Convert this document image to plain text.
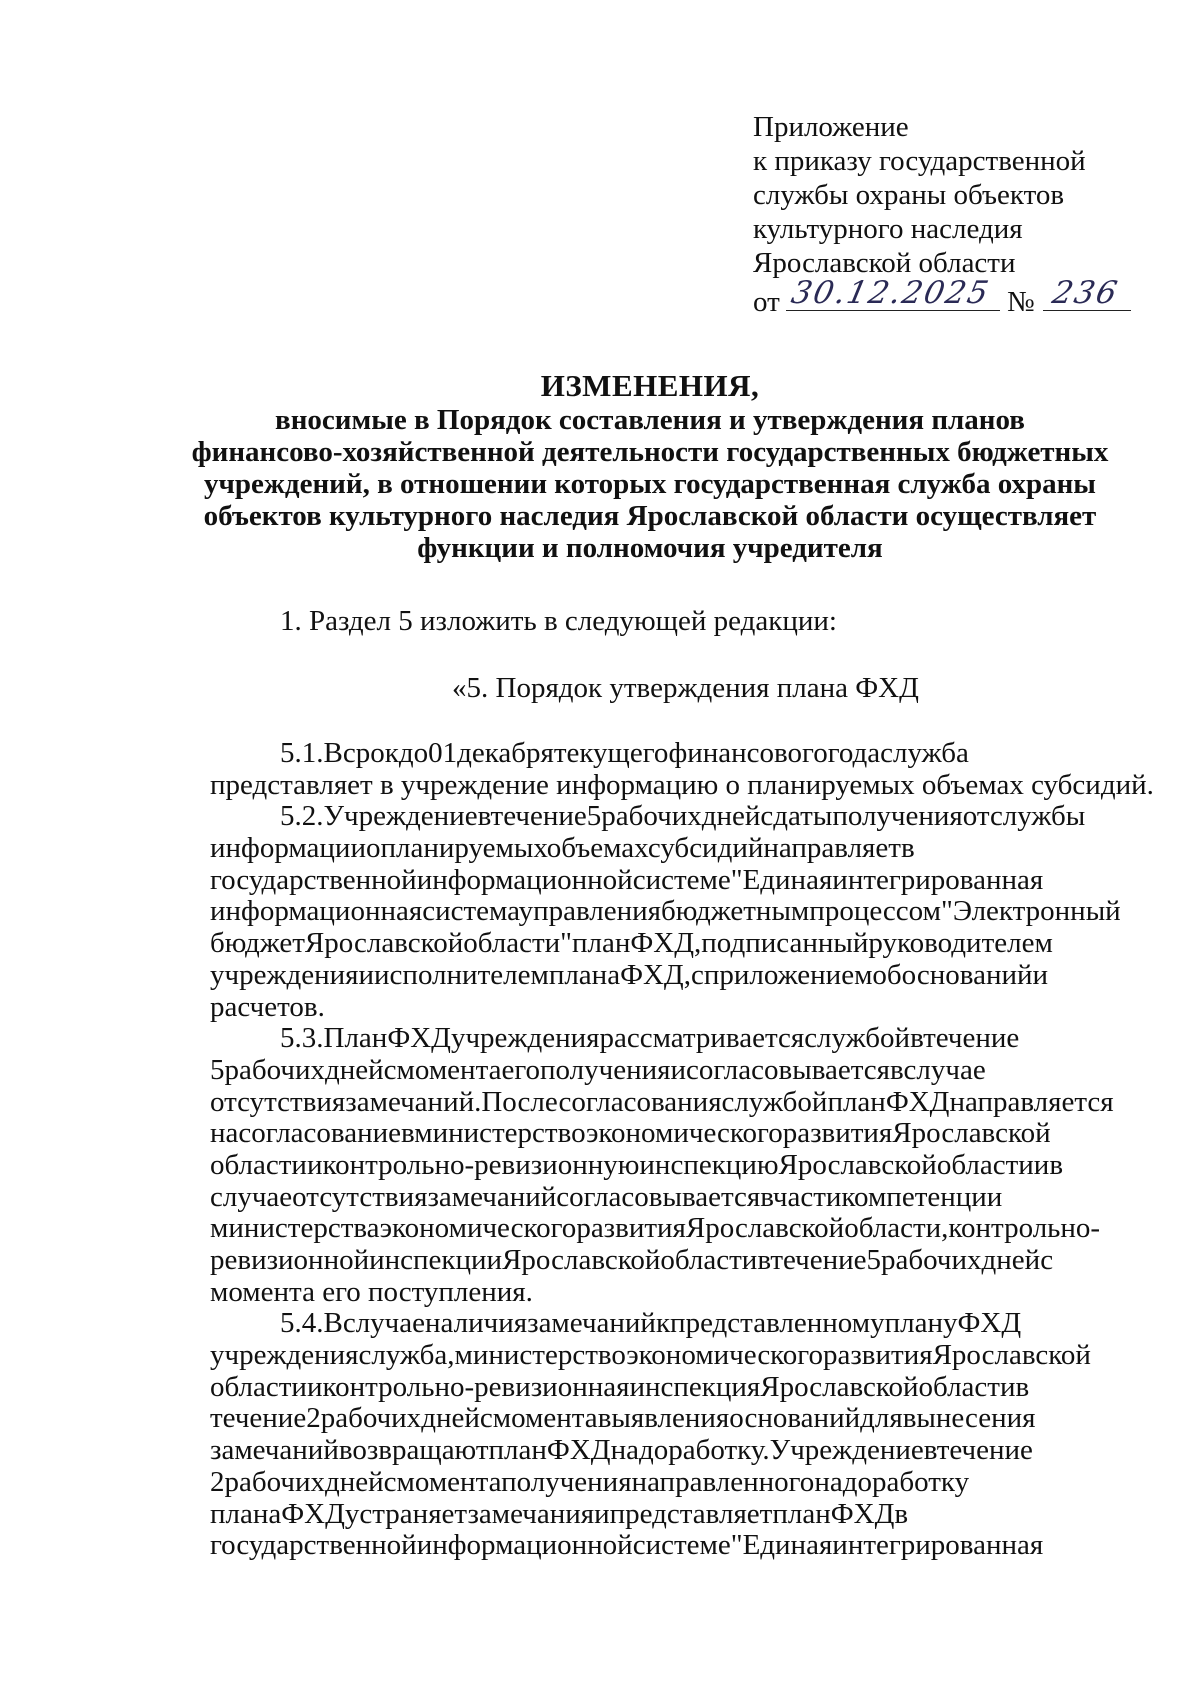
Приложение
к приказу государственной
службы охраны объектов
культурного наследия
Ярославской области
от 30.12.2025 № 236
ИЗМЕНЕНИЯ,
вносимые в Порядок составления и утверждения планов
финансово-хозяйственной деятельности государственных бюджетных
учреждений, в отношении которых государственная служба охраны
объектов культурного наследия Ярославской области осуществляет
функции и полномочия учредителя
1. Раздел 5 изложить в следующей редакции:
«5. Порядок утверждения плана ФХД
5.1.Всрокдо01декабрятекущегофинансовогогодаслужба
представляет в учреждение информацию о планируемых объемах субсидий.
5.2.Учреждениевтечение5рабочихднейсдатыполученияотслужбы
информацииопланируемыхобъемахсубсидийнаправляетв
государственнойинформационнойсистеме"Единаяинтегрированная
информационнаясистемауправлениябюджетнымпроцессом"Электронный
бюджетЯрославскойобласти"планФХД,подписанныйруководителем
учрежденияиисполнителемпланаФХД,сприложениемобоснованийи
расчетов.
5.3.ПланФХДучреждениярассматриваетсяслужбойвтечение
5рабочихднейсмоментаегополученияисогласовываетсявслучае
отсутствиязамечаний.ПослесогласованияслужбойпланФХДнаправляется
насогласованиевминистерствоэкономическогоразвитияЯрославской
областииконтрольно-ревизионнуюинспекциюЯрославскойобластиив
случаеотсутствиязамечанийсогласовываетсявчастикомпетенции
министерстваэкономическогоразвитияЯрославскойобласти,контрольно-
ревизионнойинспекцииЯрославскойобластивтечение5рабочихднейс
момента его поступления.
5.4.ВслучаеналичиязамечанийкпредставленномуплануФХД
учрежденияслужба,министерствоэкономическогоразвитияЯрославской
областииконтрольно-ревизионнаяинспекцияЯрославскойобластив
течение2рабочихднейсмоментавыявленияоснованийдлявынесения
замечанийвозвращаютпланФХДнадоработку.Учреждениевтечение
2рабочихднейсмоментаполучениянаправленногонадоработку
планаФХДустраняетзамечанияипредставляетпланФХДв
государственнойинформационнойсистеме"Единаяинтегрированная
